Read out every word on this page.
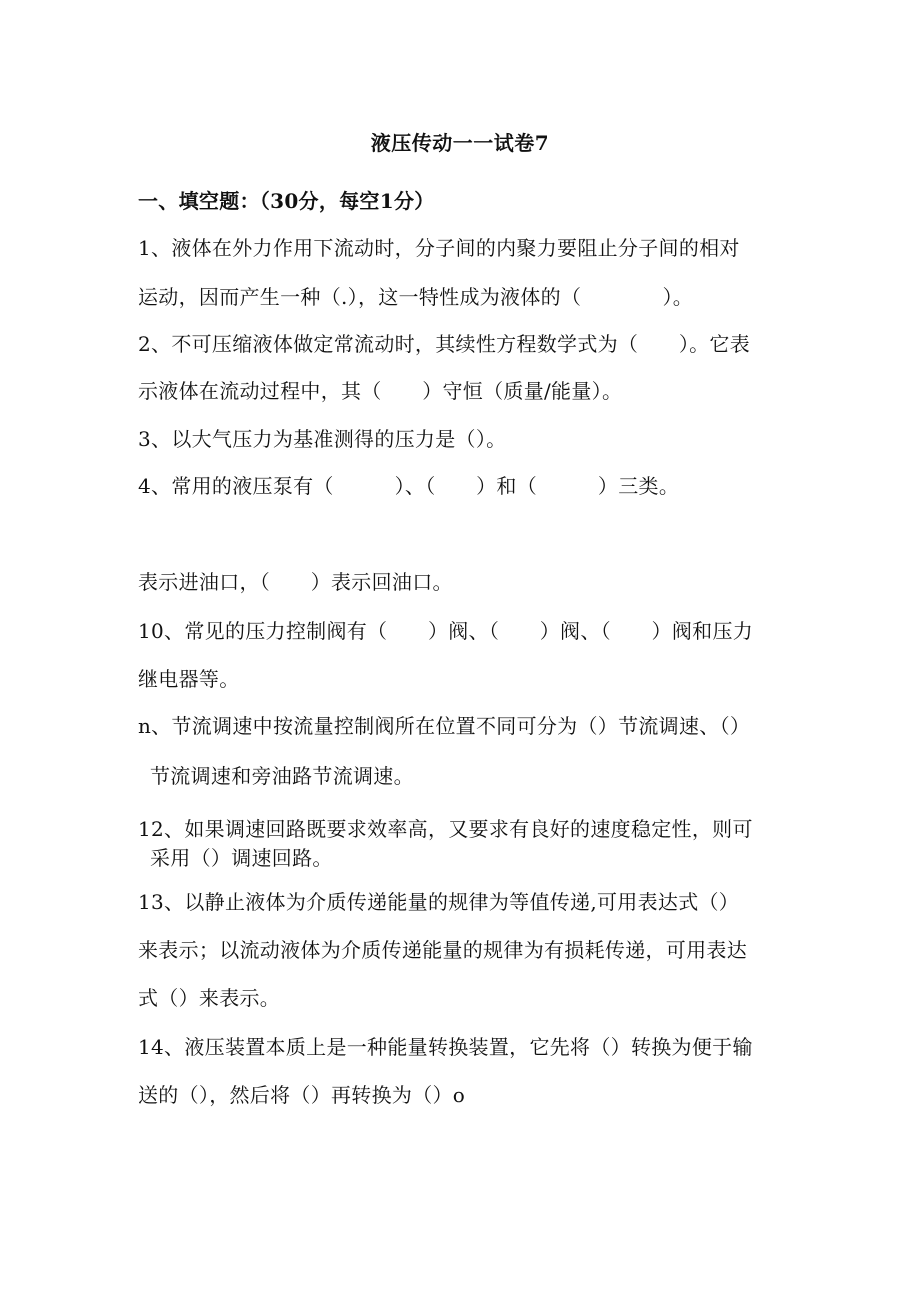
液压传动一一试卷7
一、填空题：（30分，每空1分）
1、液体在外力作用下流动时，分子间的内聚力要阻止分子间的相对
运动，因而产生一种（.），这一特性成为液体的（　　　　）。
2、不可压缩液体做定常流动时，其续性方程数学式为（　　）。它表
示液体在流动过程中，其（　　）守恒（质量/能量）。
3、以大气压力为基准测得的压力是（）。
4、常用的液压泵有（　　　）、（　　）和（　　　）三类。
表示进油口，（　　）表示回油口。
10、常见的压力控制阀有（　　）阀、（　　）阀、（　　）阀和压力
继电器等。
n、节流调速中按流量控制阀所在位置不同可分为（）节流调速、（）
节流调速和旁油路节流调速。
12、如果调速回路既要求效率高，又要求有良好的速度稳定性，则可
采用（）调速回路。
13、以静止液体为介质传递能量的规律为等值传递,可用表达式（）
来表示；以流动液体为介质传递能量的规律为有损耗传递，可用表达
式（）来表示。
14、液压装置本质上是一种能量转换装置，它先将（）转换为便于输
送的（），然后将（）再转换为（）o
